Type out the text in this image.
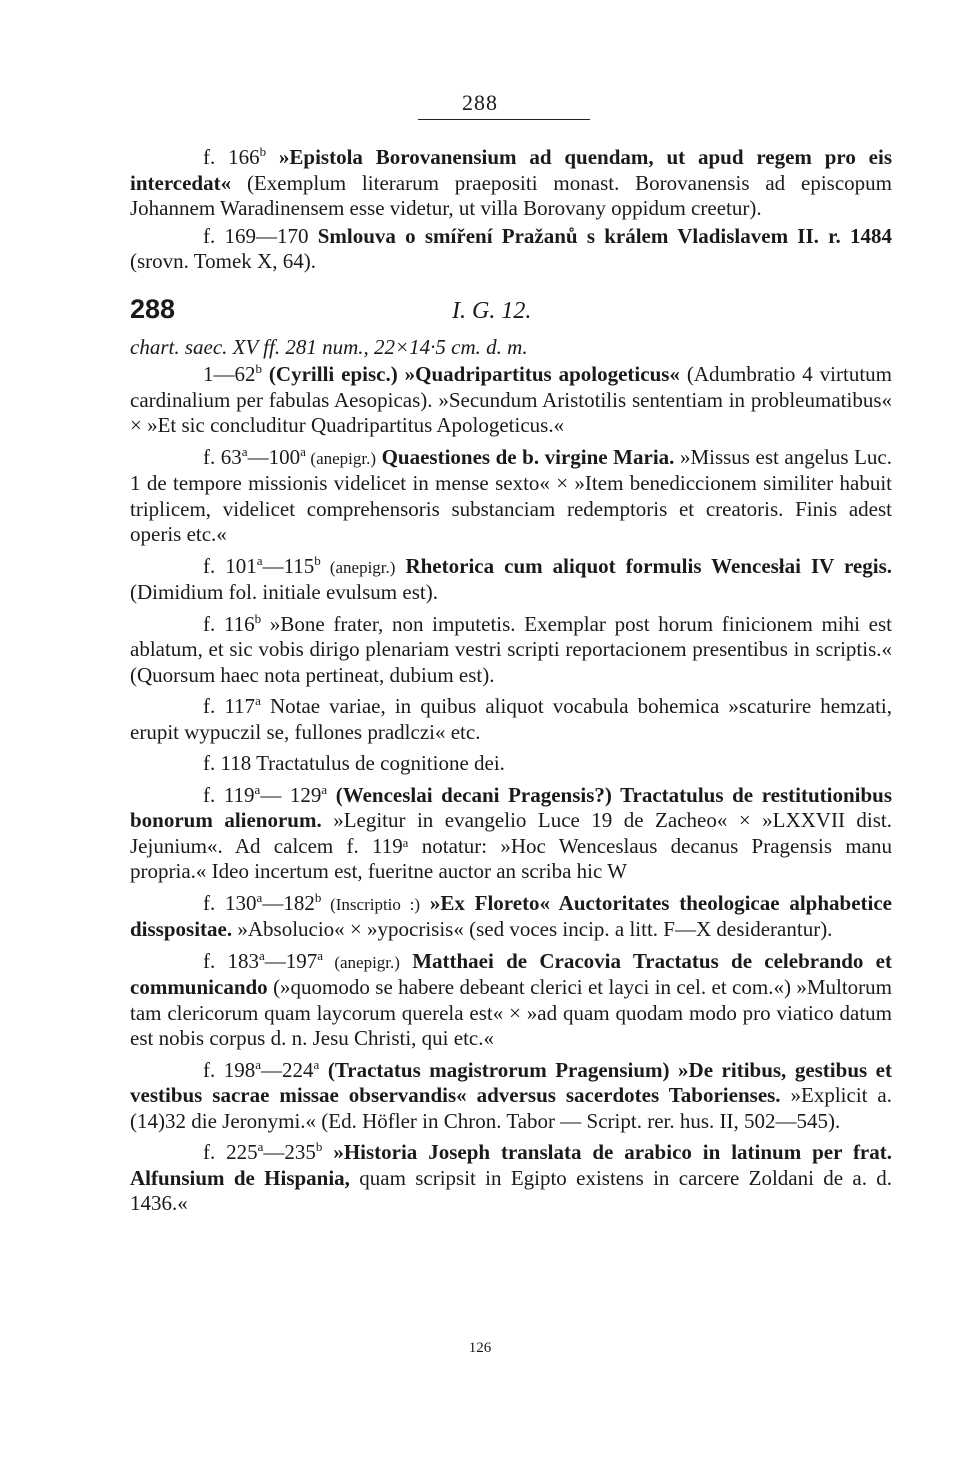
288

f. 166$^b$ »Epistola Borovanensium ad quendam, ut apud regem pro eis intercedat« (Exemplum literarum praepositi monast. Borovanensis ad episcopum Johannem Waradinensem esse videtur, ut villa Borovany oppidum creetur).

f. 169—170 Smlouva o smíření Pražanů s králem Vladislavem II. r. 1484 (srovn. Tomek X, 64).

288	I. G. 12.

chart. saec. XV ff. 281 num., 22×14·5 cm. d. m.

1—62$^b$ (Cyrilli episc.) »Quadripartitus apologeticus« (Adumbratio 4 virtutum cardinalium per fabulas Aesopicas). »Secundum Aristotilis sententiam in probleumatibus« × »Et sic concluditur Quadripartitus Apologeticus.«

f. 63$^a$—100$^a$ (anepigr.) Quaestiones de b. virgine Maria. »Missus est angelus Luc. 1 de tempore missionis videlicet in mense sexto« × »Item benediccionem similiter habuit triplicem, videlicet comprehensoris substanciam redemptoris et creatoris. Finis adest operis etc.«

f. 101$^a$—115$^b$ (anepigr.) Rhetorica cum aliquot formulis Wencesłai IV regis. (Dimidium fol. initiale evulsum est).

f. 116$^b$ »Bone frater, non imputetis. Exemplar post horum finicionem mihi est ablatum, et sic vobis dirigo plenariam vestri scripti reportacionem presentibus in scriptis.« (Quorsum haec nota pertineat, dubium est).

f. 117$^a$ Notae variae, in quibus aliquot vocabula bohemica »scaturire hemzati, erupit wypuczil se, fullones pradlczi« etc.

f. 118 Tractatulus de cognitione dei.

f. 119$^a$— 129$^a$ (Wenceslai decani Pragensis?) Tractatulus de restitutionibus bonorum alienorum. »Legitur in evangelio Luce 19 de Zacheo« × »LXXVII dist. Jejunium«. Ad calcem f. 119ᵃ notatur: »Hoc Wenceslaus decanus Pragensis manu propria.« Ideo incertum est, fueritne auctor an scriba hic W

f. 130$^a$—182$^b$ (Inscriptio :) »Ex Floreto« Auctoritates theologicae alphabetice disspositae. »Absolucio« × »ypocrisis« (sed voces incip. a litt. F—X desiderantur).

f. 183$^a$—197$^a$ (anepigr.) Matthaei de Cracovia Tractatus de celebrando et communicando (»quomodo se habere debeant clerici et layci in cel. et com.«) »Multorum tam clericorum quam laycorum querela est« × »ad quam quodam modo pro viatico datum est nobis corpus d. n. Jesu Christi, qui etc.«

f. 198$^a$—224$^a$ (Tractatus magistrorum Pragensium) »De ritibus, gestibus et vestibus sacrae missae observandis« adversus sacerdotes Taborienses. »Explicit a. (14)32 die Jeronymi.« (Ed. Höfler in Chron. Tabor — Script. rer. hus. II, 502—545).

f. 225$^a$—235$^b$ »Historia Joseph translata de arabico in latinum per frat. Alfunsium de Hispania, quam scripsit in Egipto existens in carcere Zoldani de a. d. 1436.«

126
